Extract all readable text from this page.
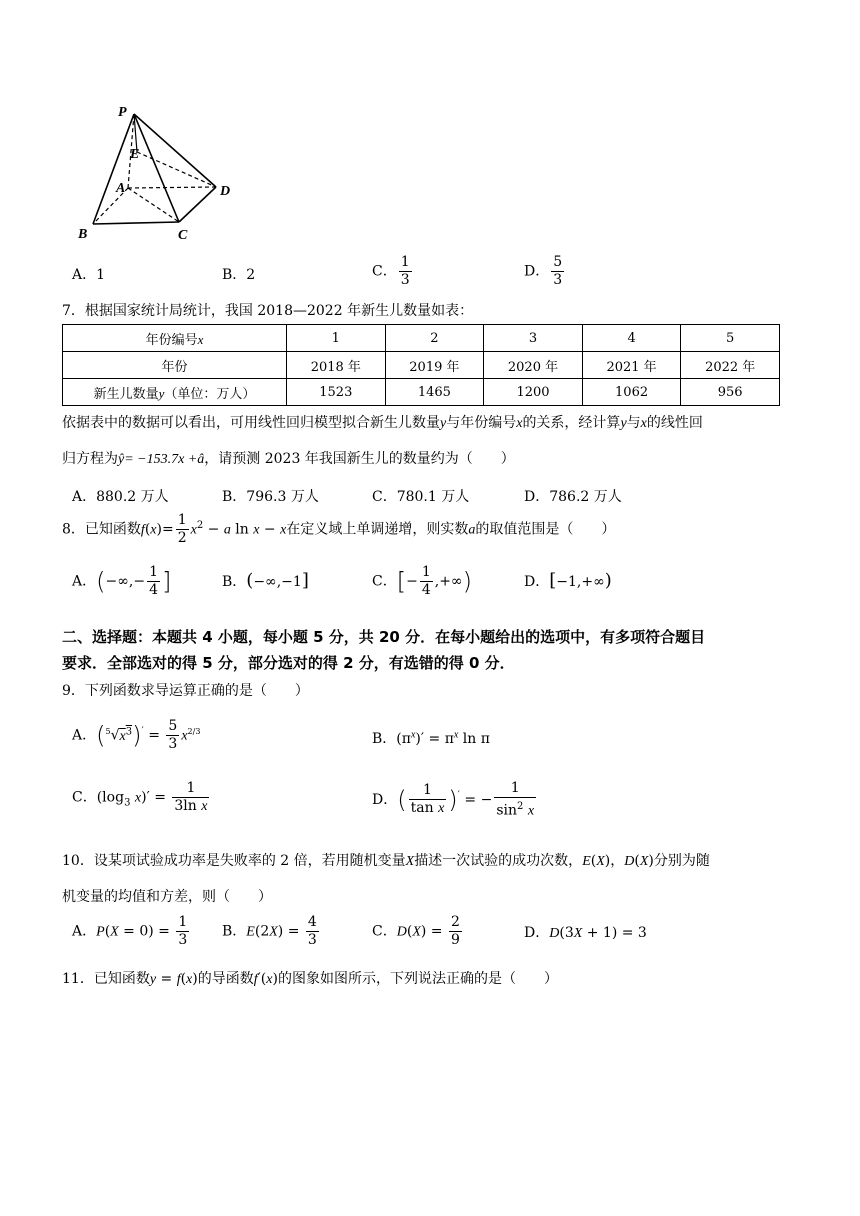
P
E
A
B	C
D
A．1	B．2	C． $\frac{1}{3}$	D． $\frac{5}{3}$
7．根据国家统计局统计，我国 2018—2022 年新生儿数量如表：
年份编号x	1	2	3	4	5
年份	2018 年	2019 年	2020 年	2021 年	2022 年
新生儿数量y（单位：万人）	1523	1465	1200	1062	956
依据表中的数据可以看出，可用线性回归模型拟合新生儿数量y与年份编号x的关系，经计算y与x的线性回
归方程为ŷ= −153.7x +â，请预测 2023 年我国新生儿的数量约为（　　）
A．880.2 万人	B．796.3 万人	C．780.1 万人	D．786.2 万人
8．已知函数$f(x)= \frac{1}{2} x^2 - a$ ln x − x在定义域上单调递增，则实数a的取值范围是（　　）
A．(−∞,− $\frac{1}{4}$ ]	B．(−∞,−1]	C．[− $\frac{1}{4}$ ,+∞)	D．[−1,+∞)
二、选择题：本题共 4 小题，每小题 5 分，共 20 分．在每小题给出的选项中，有多项符合题目
要求．全部选对的得 5 分，部分选对的得 2 分，有选错的得 0 分．
9．下列函数求导运算正确的是（　　）
A．$(^5√x^3)' = \frac{5}{3} x^{2/3}$	B．$(\pi^x)' = \pi^x$ ln π
C．($\log_3$ $x)' = \frac{1}{\text{3ln x}}$	D．( $\frac{1}{\text{tan x}} )'$ = − $\frac{1}{\sin^2 x}$
10．设某项试验成功率是失败率的 2 倍，若用随机变量X描述一次试验的成功次数，E(X)，D(X)分别为随
机变量的均值和方差，则（　　）
A．$P(X = 0) = \frac{1}{3}$ B．$E(2X) = \frac{4}{3}$	C．$D(X) = \frac{2}{9}$	D．D(3X + 1) = 3
11．已知函数y = f(x)的导函数f′(x)的图象如图所示，下列说法正确的是（　　）
